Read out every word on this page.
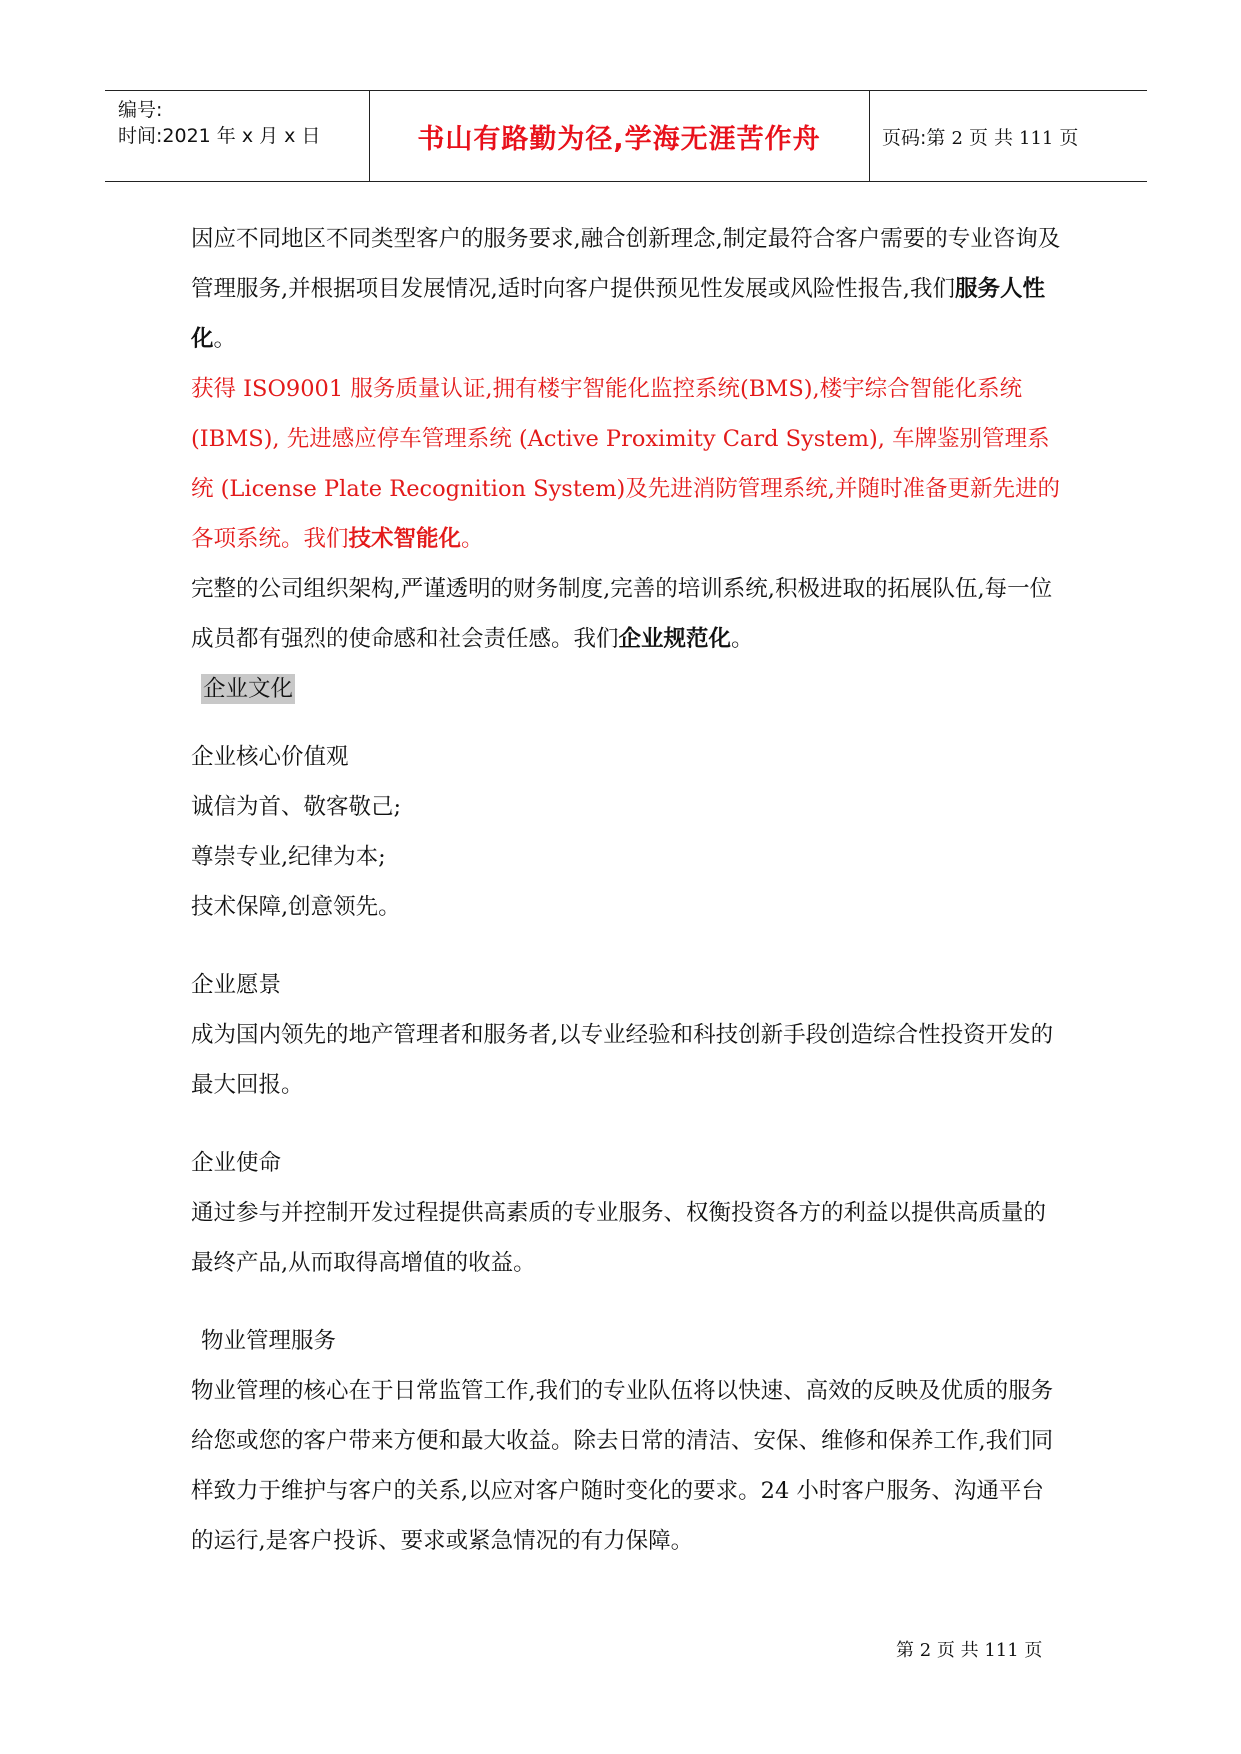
编号:
时间:2021 年 x 月 x 日	书山有路勤为径,学海无涯苦作舟	页码:第 2 页 共 111 页

因应不同地区不同类型客户的服务要求,融合创新理念,制定最符合客户需要的专业咨询及管理服务,并根据项目发展情况,适时向客户提供预见性发展或风险性报告,我们服务人性化。

获得 ISO9001 服务质量认证,拥有楼宇智能化监控系统(BMS),楼宇综合智能化系统 (IBMS), 先进感应停车管理系统 (Active Proximity Card System), 车牌鉴别管理系统 (License Plate Recognition System)及先进消防管理系统,并随时准备更新先进的各项系统。我们技术智能化。

完整的公司组织架构,严谨透明的财务制度,完善的培训系统,积极进取的拓展队伍,每一位成员都有强烈的使命感和社会责任感。我们企业规范化。

企业文化

企业核心价值观

诚信为首、敬客敬己;

尊崇专业,纪律为本;

技术保障,创意领先。

企业愿景

成为国内领先的地产管理者和服务者,以专业经验和科技创新手段创造综合性投资开发的最大回报。

企业使命

通过参与并控制开发过程提供高素质的专业服务、权衡投资各方的利益以提供高质量的最终产品,从而取得高增值的收益。

物业管理服务

物业管理的核心在于日常监管工作,我们的专业队伍将以快速、高效的反映及优质的服务给您或您的客户带来方便和最大收益。除去日常的清洁、安保、维修和保养工作,我们同样致力于维护与客户的关系,以应对客户随时变化的要求。24 小时客户服务、沟通平台的运行,是客户投诉、要求或紧急情况的有力保障。

第 2 页 共 111 页
